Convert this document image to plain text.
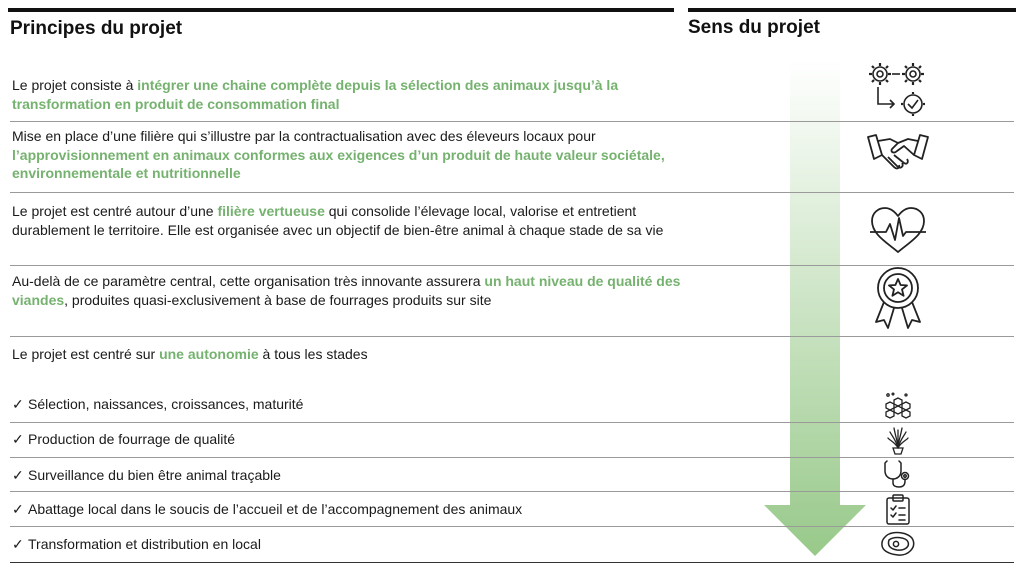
Principes du projet	Sens du projet
Le projet consiste à intégrer une chaine complète depuis la sélection des animaux jusqu’à la transformation en produit de consommation final
Mise en place d’une filière qui s’illustre par la contractualisation avec des éleveurs locaux pour l’approvisionnement en animaux conformes aux exigences d’un produit de haute valeur sociétale, environnementale et nutritionnelle
Le projet est centré autour d’une filière vertueuse qui consolide l’élevage local, valorise et entretient durablement le territoire. Elle est organisée avec un objectif de bien-être animal à chaque stade de sa vie
Au-delà de ce paramètre central, cette organisation très innovante assurera un haut niveau de qualité des viandes, produites quasi-exclusivement à base de fourrages produits sur site
Le projet est centré sur une autonomie à tous les stades
✓ Sélection, naissances, croissances, maturité
✓ Production de fourrage de qualité
✓ Surveillance du bien être animal traçable
✓ Abattage local dans le soucis de l’accueil et de l’accompagnement des animaux
✓ Transformation et distribution en local
